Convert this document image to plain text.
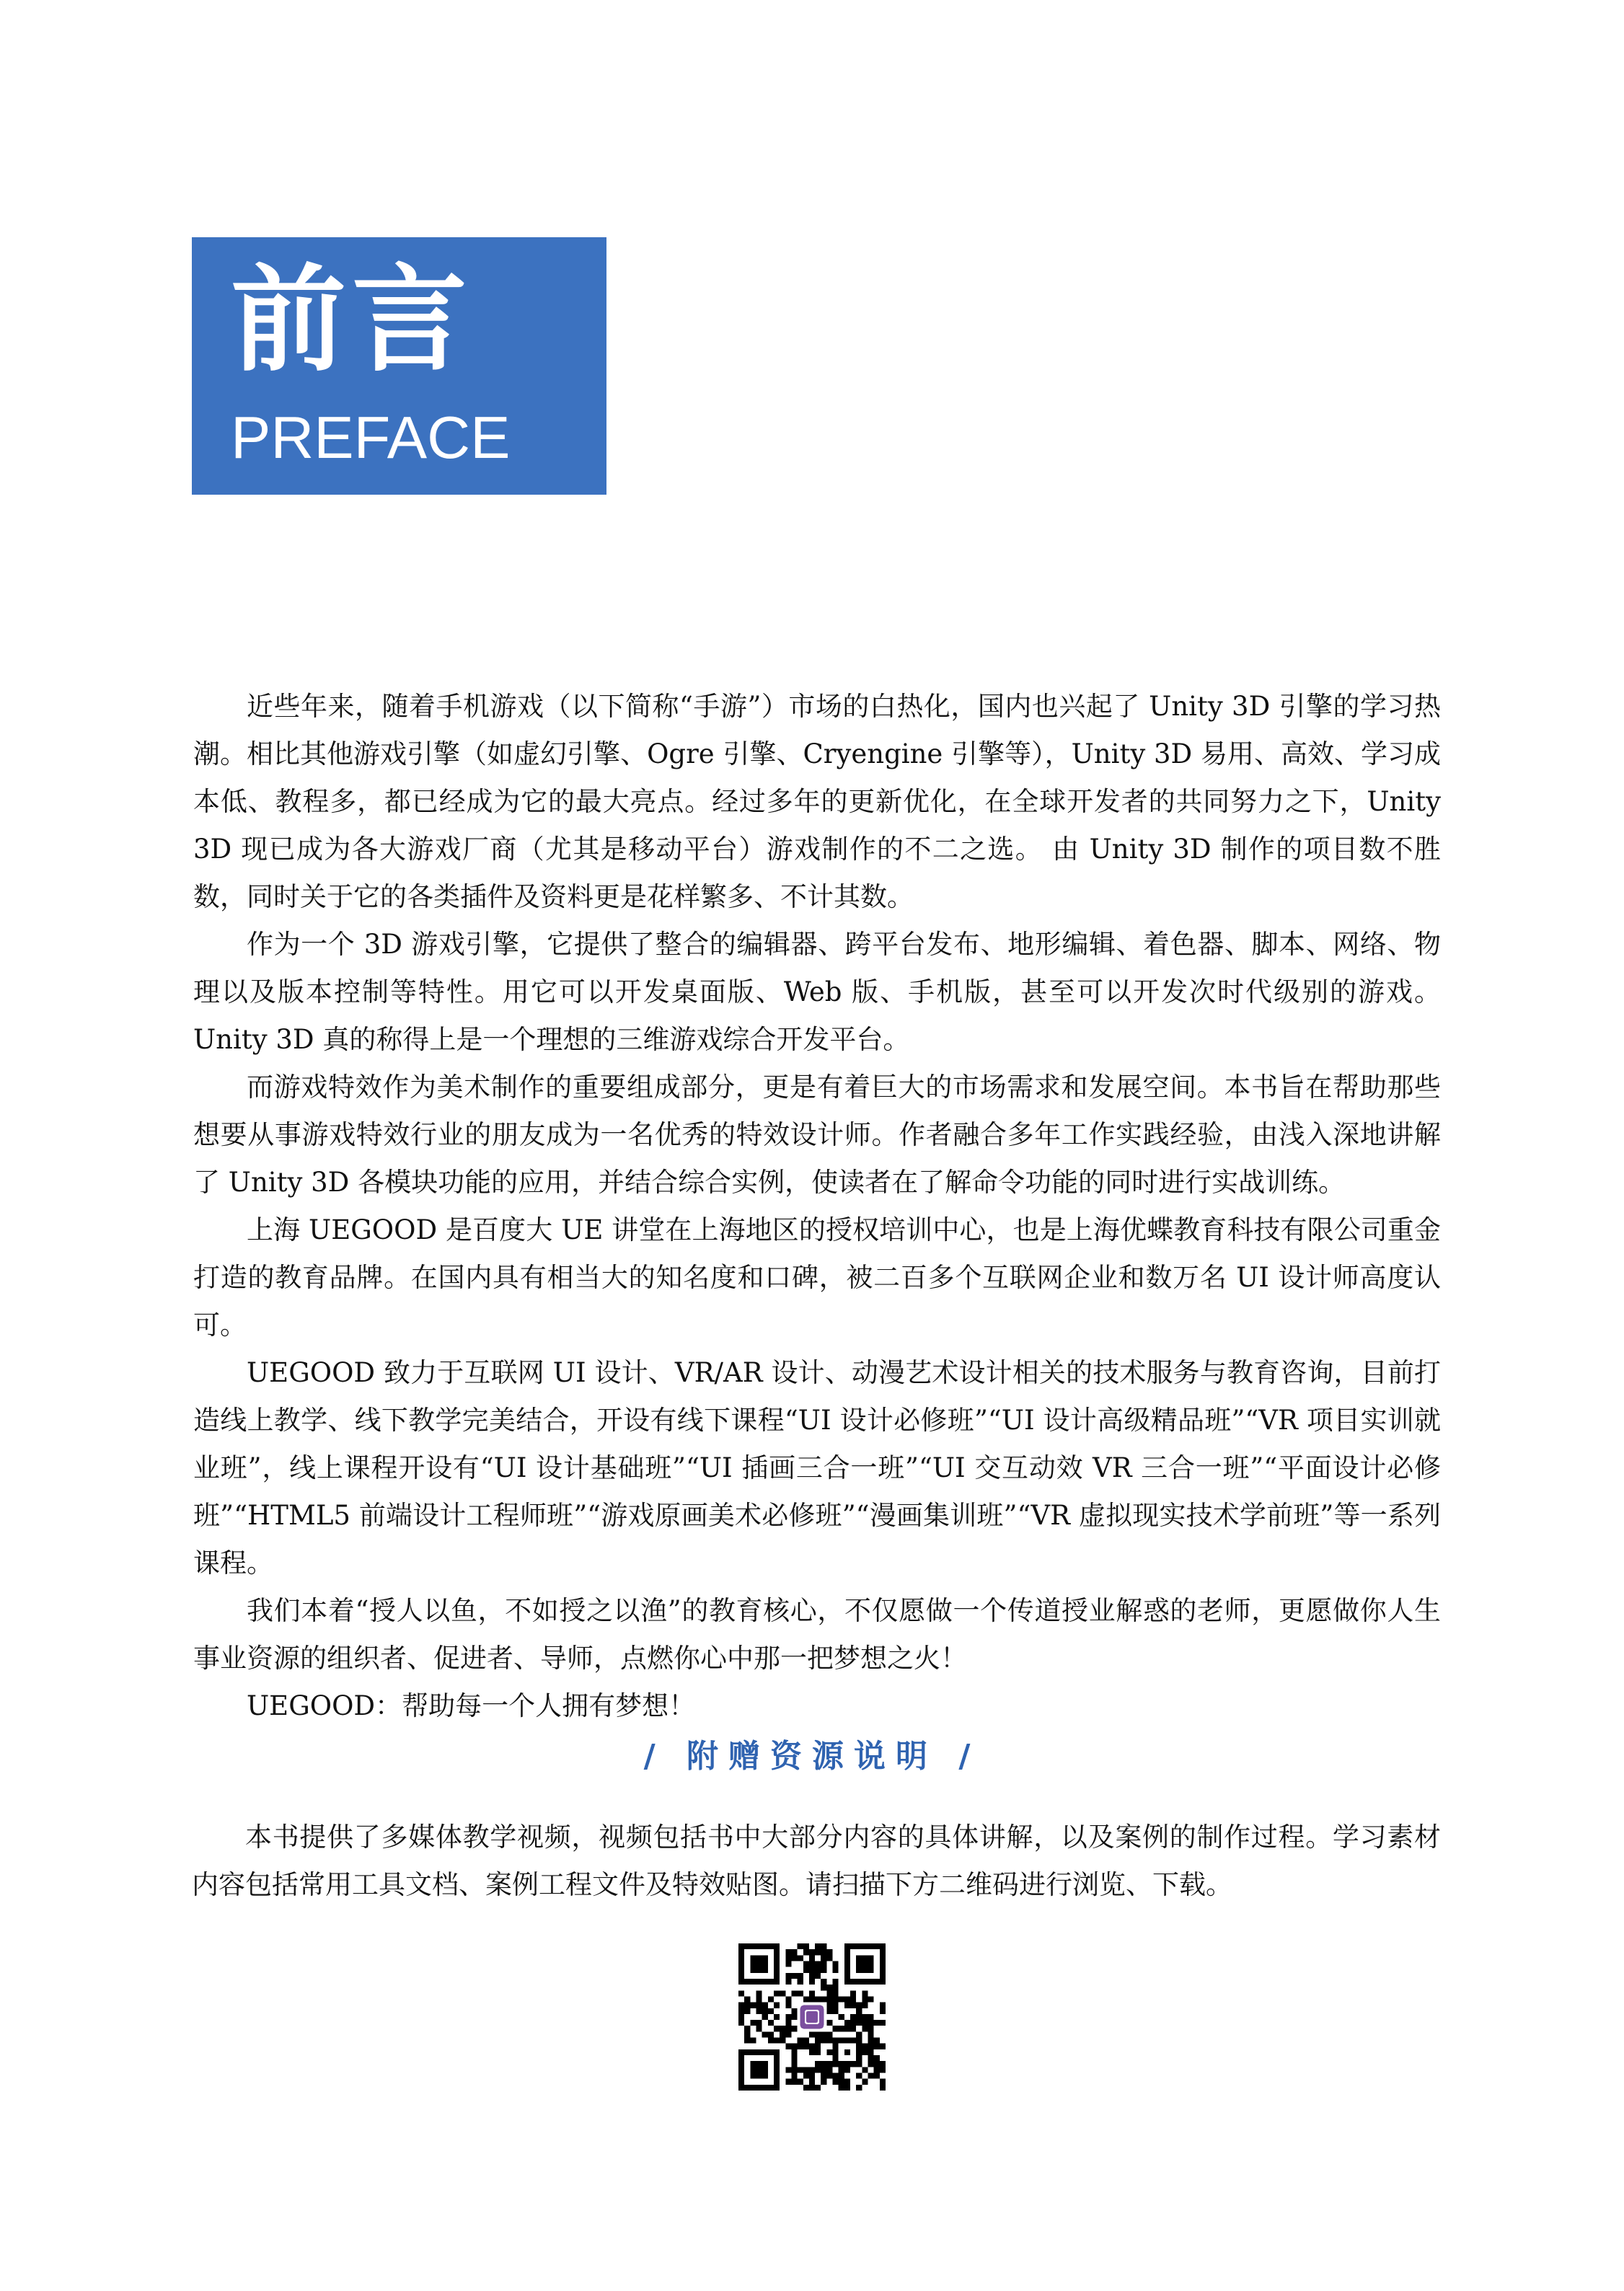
前言
PREFACE

近些年来，随着手机游戏（以下简称“手游”）市场的白热化，国内也兴起了 Unity 3D 引擎的学习热潮。相比其他游戏引擎（如虚幻引擎、Ogre 引擎、Cryengine 引擎等），Unity 3D 易用、高效、学习成本低、教程多，都已经成为它的最大亮点。经过多年的更新优化，在全球开发者的共同努力之下，Unity 3D 现已成为各大游戏厂商（尤其是移动平台）游戏制作的不二之选。 由 Unity 3D 制作的项目数不胜数，同时关于它的各类插件及资料更是花样繁多、不计其数。

作为一个 3D 游戏引擎，它提供了整合的编辑器、跨平台发布、地形编辑、着色器、脚本、网络、物理以及版本控制等特性。用它可以开发桌面版、Web 版、手机版，甚至可以开发次时代级别的游戏。Unity 3D 真的称得上是一个理想的三维游戏综合开发平台。

而游戏特效作为美术制作的重要组成部分，更是有着巨大的市场需求和发展空间。本书旨在帮助那些想要从事游戏特效行业的朋友成为一名优秀的特效设计师。作者融合多年工作实践经验，由浅入深地讲解了 Unity 3D 各模块功能的应用，并结合综合实例，使读者在了解命令功能的同时进行实战训练。

上海 UEGOOD 是百度大 UE 讲堂在上海地区的授权培训中心，也是上海优蝶教育科技有限公司重金打造的教育品牌。在国内具有相当大的知名度和口碑，被二百多个互联网企业和数万名 UI 设计师高度认可。

UEGOOD 致力于互联网 UI 设计、VR/AR 设计、动漫艺术设计相关的技术服务与教育咨询，目前打造线上教学、线下教学完美结合，开设有线下课程“UI 设计必修班”“UI 设计高级精品班”“VR 项目实训就业班”，线上课程开设有“UI 设计基础班”“UI 插画三合一班”“UI 交互动效 VR 三合一班”“平面设计必修班”“HTML5 前端设计工程师班”“游戏原画美术必修班”“漫画集训班”“VR 虚拟现实技术学前班”等一系列课程。

我们本着“授人以鱼，不如授之以渔”的教育核心，不仅愿做一个传道授业解惑的老师，更愿做你人生事业资源的组织者、促进者、导师，点燃你心中那一把梦想之火！

UEGOOD：帮助每一个人拥有梦想！

/ 附赠资源说明 /

本书提供了多媒体教学视频，视频包括书中大部分内容的具体讲解，以及案例的制作过程。学习素材内容包括常用工具文档、案例工程文件及特效贴图。请扫描下方二维码进行浏览、下载。
